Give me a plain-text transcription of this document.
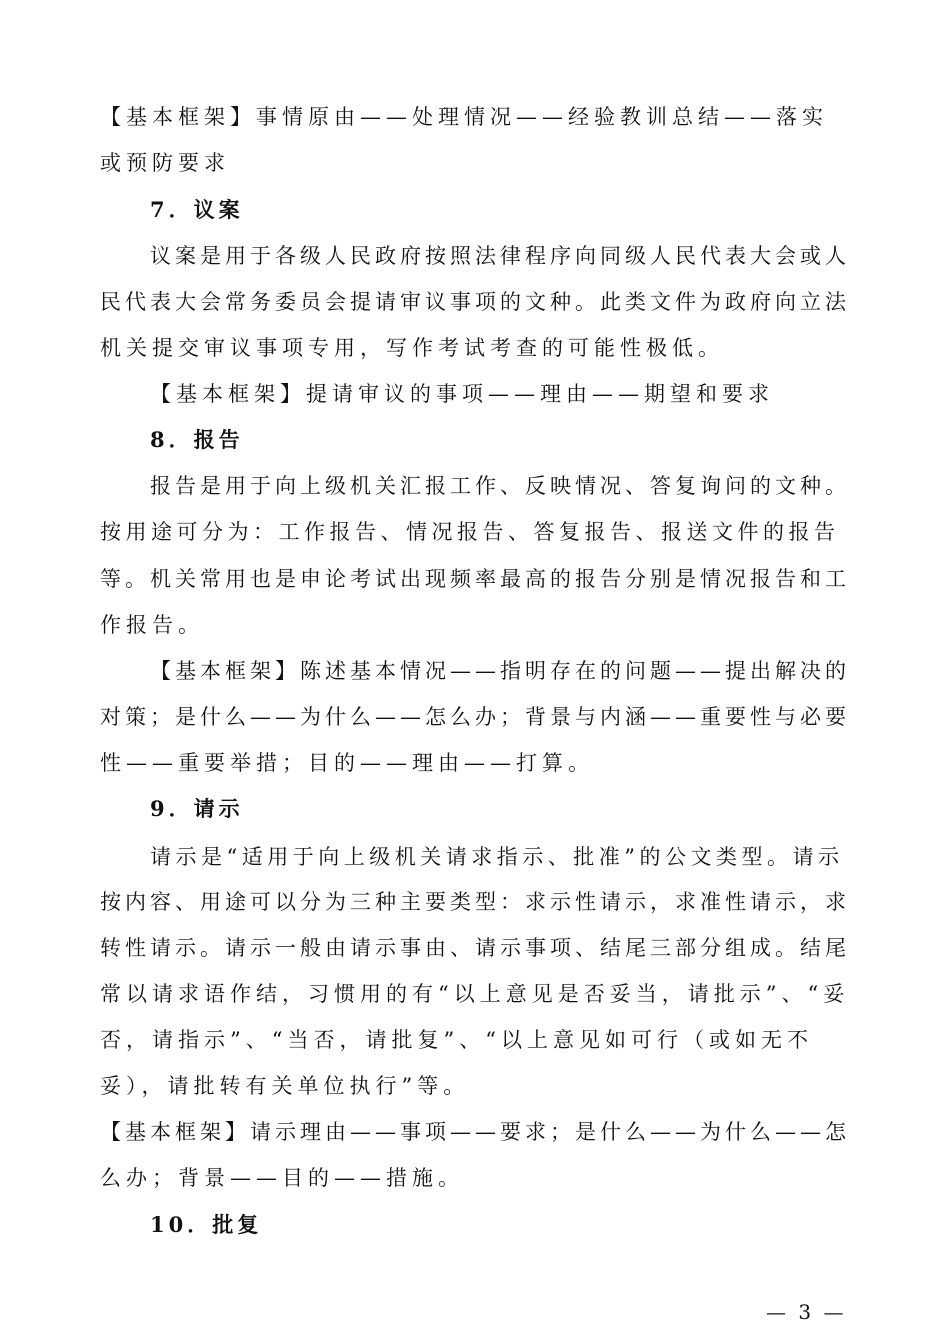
【基本框架】事情原由——处理情况——经验教训总结——落实

或预防要求

7．议案

议案是用于各级人民政府按照法律程序向同级人民代表大会或人

民代表大会常务委员会提请审议事项的文种。此类文件为政府向立法

机关提交审议事项专用，写作考试考查的可能性极低。

【基本框架】提请审议的事项——理由——期望和要求

8．报告

报告是用于向上级机关汇报工作、反映情况、答复询问的文种。

按用途可分为：工作报告、情况报告、答复报告、报送文件的报告

等。机关常用也是申论考试出现频率最高的报告分别是情况报告和工

作报告。

【基本框架】陈述基本情况——指明存在的问题——提出解决的

对策；是什么——为什么——怎么办；背景与内涵——重要性与必要

性——重要举措；目的——理由——打算。

9．请示

请示是“适用于向上级机关请求指示、批准”的公文类型。请示

按内容、用途可以分为三种主要类型：求示性请示，求准性请示，求

转性请示。请示一般由请示事由、请示事项、结尾三部分组成。结尾

常以请求语作结，习惯用的有“以上意见是否妥当，请批示”、“妥

否，请指示”、“当否，请批复”、“以上意见如可行（或如无不

妥），请批转有关单位执行”等。

【基本框架】请示理由——事项——要求；是什么——为什么——怎

么办；背景——目的——措施。

10．批复

— 3 —
